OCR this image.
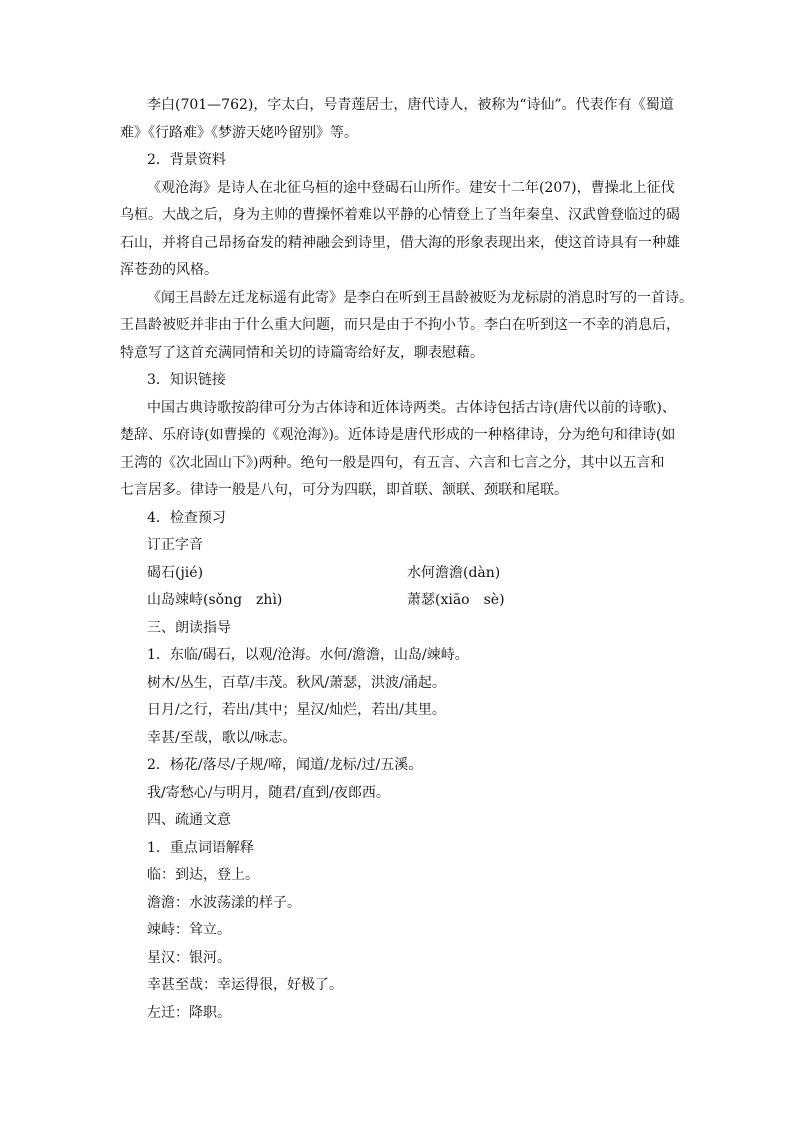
李白(701—762)，字太白，号青莲居士，唐代诗人，被称为“诗仙”。代表作有《蜀道

难》《行路难》《梦游天姥吟留别》等。

2．背景资料

《观沧海》是诗人在北征乌桓的途中登碣石山所作。建安十二年(207)，曹操北上征伐

乌桓。大战之后，身为主帅的曹操怀着难以平静的心情登上了当年秦皇、汉武曾登临过的碣

石山，并将自己昂扬奋发的精神融会到诗里，借大海的形象表现出来，使这首诗具有一种雄

浑苍劲的风格。

《闻王昌龄左迁龙标遥有此寄》是李白在听到王昌龄被贬为龙标尉的消息时写的一首诗。

王昌龄被贬并非由于什么重大问题，而只是由于不拘小节。李白在听到这一不幸的消息后，

特意写了这首充满同情和关切的诗篇寄给好友，聊表慰藉。

3．知识链接

中国古典诗歌按韵律可分为古体诗和近体诗两类。古体诗包括古诗(唐代以前的诗歌)、

楚辞、乐府诗(如曹操的《观沧海》)。近体诗是唐代形成的一种格律诗，分为绝句和律诗(如

王湾的《次北固山下》)两种。绝句一般是四句，有五言、六言和七言之分，其中以五言和

七言居多。律诗一般是八句，可分为四联，即首联、颔联、颈联和尾联。

4．检查预习

订正字音

碣石(jié)	水何澹澹(dàn)
山岛竦峙(sǒng　zhì)	萧瑟(xiāo　sè)

三、朗读指导

1．东临/碣石，以观/沧海。水何/澹澹，山岛/竦峙。

树木/丛生，百草/丰茂。秋风/萧瑟，洪波/涌起。

日月/之行，若出/其中；星汉/灿烂，若出/其里。

幸甚/至哉，歌以/咏志。

2．杨花/落尽/子规/啼，闻道/龙标/过/五溪。

我/寄愁心/与明月，随君/直到/夜郎西。

四、疏通文意

1．重点词语解释

临：到达，登上。

澹澹：水波荡漾的样子。

竦峙：耸立。

星汉：银河。

幸甚至哉：幸运得很，好极了。

左迁：降职。
